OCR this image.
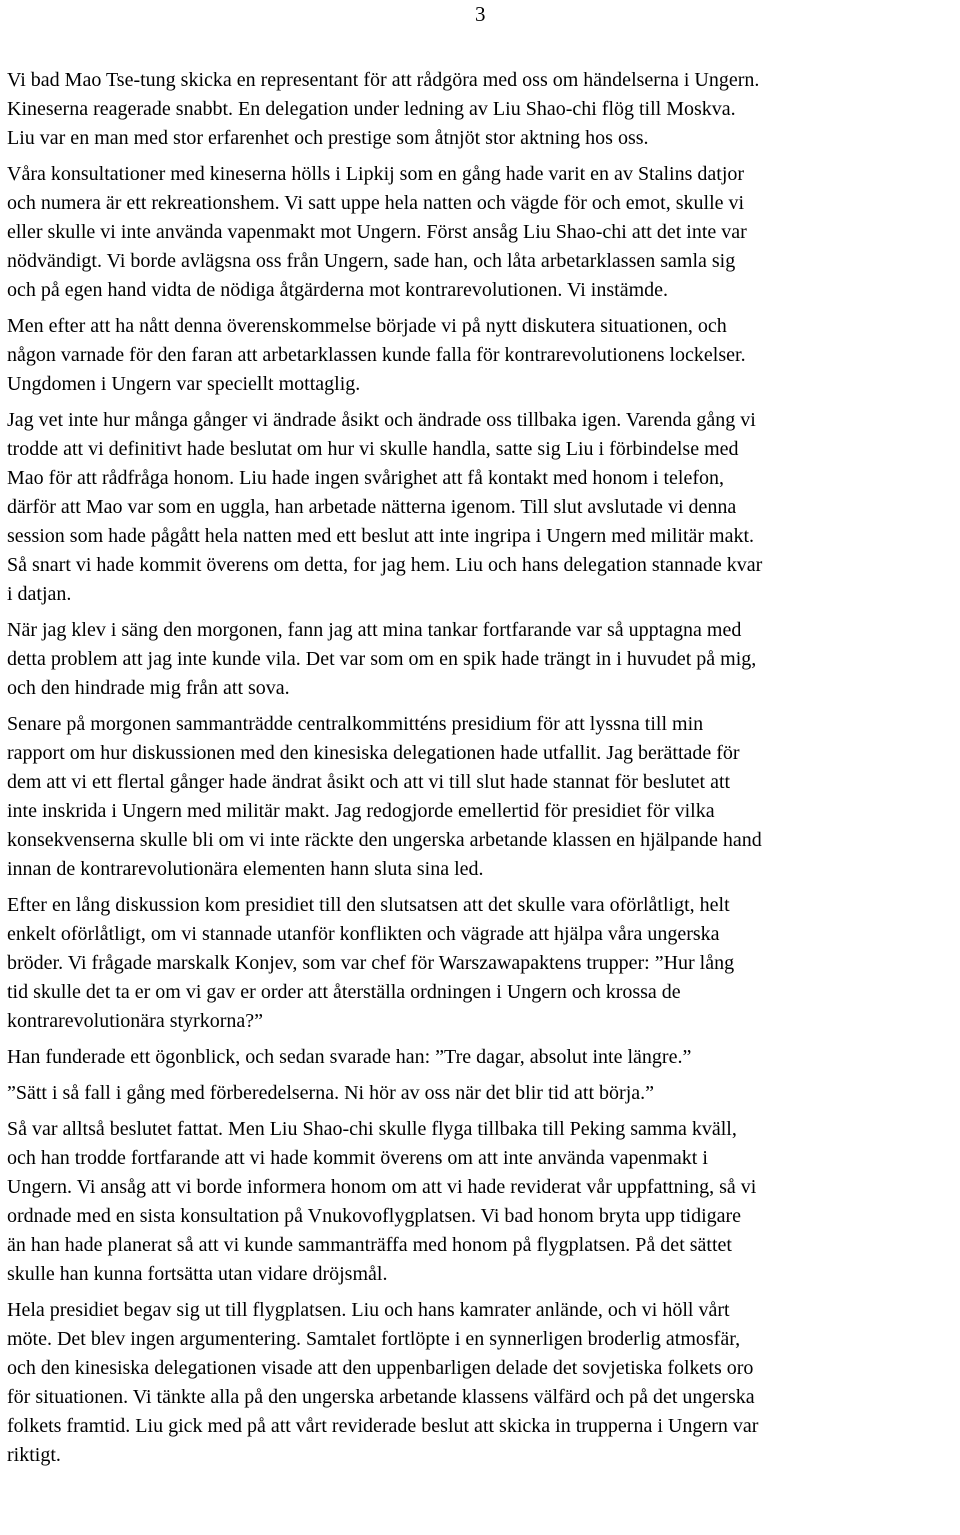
3

Vi bad Mao Tse-tung skicka en representant för att rådgöra med oss om händelserna i Ungern.
Kineserna reagerade snabbt. En delegation under ledning av Liu Shao-chi flög till Moskva.
Liu var en man med stor erfarenhet och prestige som åtnjöt stor aktning hos oss.

Våra konsultationer med kineserna hölls i Lipkij som en gång hade varit en av Stalins datjor
och numera är ett rekreationshem. Vi satt uppe hela natten och vägde för och emot, skulle vi
eller skulle vi inte använda vapenmakt mot Ungern. Först ansåg Liu Shao-chi att det inte var
nödvändigt. Vi borde avlägsna oss från Ungern, sade han, och låta arbetarklassen samla sig
och på egen hand vidta de nödiga åtgärderna mot kontrarevolutionen. Vi instämde.

Men efter att ha nått denna överenskommelse började vi på nytt diskutera situationen, och
någon varnade för den faran att arbetarklassen kunde falla för kontrarevolutionens lockelser.
Ungdomen i Ungern var speciellt mottaglig.

Jag vet inte hur många gånger vi ändrade åsikt och ändrade oss tillbaka igen. Varenda gång vi
trodde att vi definitivt hade beslutat om hur vi skulle handla, satte sig Liu i förbindelse med
Mao för att rådfråga honom. Liu hade ingen svårighet att få kontakt med honom i telefon,
därför att Mao var som en uggla, han arbetade nätterna igenom. Till slut avslutade vi denna
session som hade pågått hela natten med ett beslut att inte ingripa i Ungern med militär makt.
Så snart vi hade kommit överens om detta, for jag hem. Liu och hans delegation stannade kvar
i datjan.

När jag klev i säng den morgonen, fann jag att mina tankar fortfarande var så upptagna med
detta problem att jag inte kunde vila. Det var som om en spik hade trängt in i huvudet på mig,
och den hindrade mig från att sova.

Senare på morgonen sammanträdde centralkommitténs presidium för att lyssna till min
rapport om hur diskussionen med den kinesiska delegationen hade utfallit. Jag berättade för
dem att vi ett flertal gånger hade ändrat åsikt och att vi till slut hade stannat för beslutet att
inte inskrida i Ungern med militär makt. Jag redogjorde emellertid för presidiet för vilka
konsekvenserna skulle bli om vi inte räckte den ungerska arbetande klassen en hjälpande hand
innan de kontrarevolutionära elementen hann sluta sina led.

Efter en lång diskussion kom presidiet till den slutsatsen att det skulle vara oförlåtligt, helt
enkelt oförlåtligt, om vi stannade utanför konflikten och vägrade att hjälpa våra ungerska
bröder. Vi frågade marskalk Konjev, som var chef för Warszawapaktens trupper: ”Hur lång
tid skulle det ta er om vi gav er order att återställa ordningen i Ungern och krossa de
kontrarevolutionära styrkorna?”

Han funderade ett ögonblick, och sedan svarade han: ”Tre dagar, absolut inte längre.”

”Sätt i så fall i gång med förberedelserna. Ni hör av oss när det blir tid att börja.”

Så var alltså beslutet fattat. Men Liu Shao-chi skulle flyga tillbaka till Peking samma kväll,
och han trodde fortfarande att vi hade kommit överens om att inte använda vapenmakt i
Ungern. Vi ansåg att vi borde informera honom om att vi hade reviderat vår uppfattning, så vi
ordnade med en sista konsultation på Vnukovoflygplatsen. Vi bad honom bryta upp tidigare
än han hade planerat så att vi kunde sammanträffa med honom på flygplatsen. På det sättet
skulle han kunna fortsätta utan vidare dröjsmål.

Hela presidiet begav sig ut till flygplatsen. Liu och hans kamrater anlände, och vi höll vårt
möte. Det blev ingen argumentering. Samtalet fortlöpte i en synnerligen broderlig atmosfär,
och den kinesiska delegationen visade att den uppenbarligen delade det sovjetiska folkets oro
för situationen. Vi tänkte alla på den ungerska arbetande klassens välfärd och på det ungerska
folkets framtid. Liu gick med på att vårt reviderade beslut att skicka in trupperna i Ungern var
riktigt.
